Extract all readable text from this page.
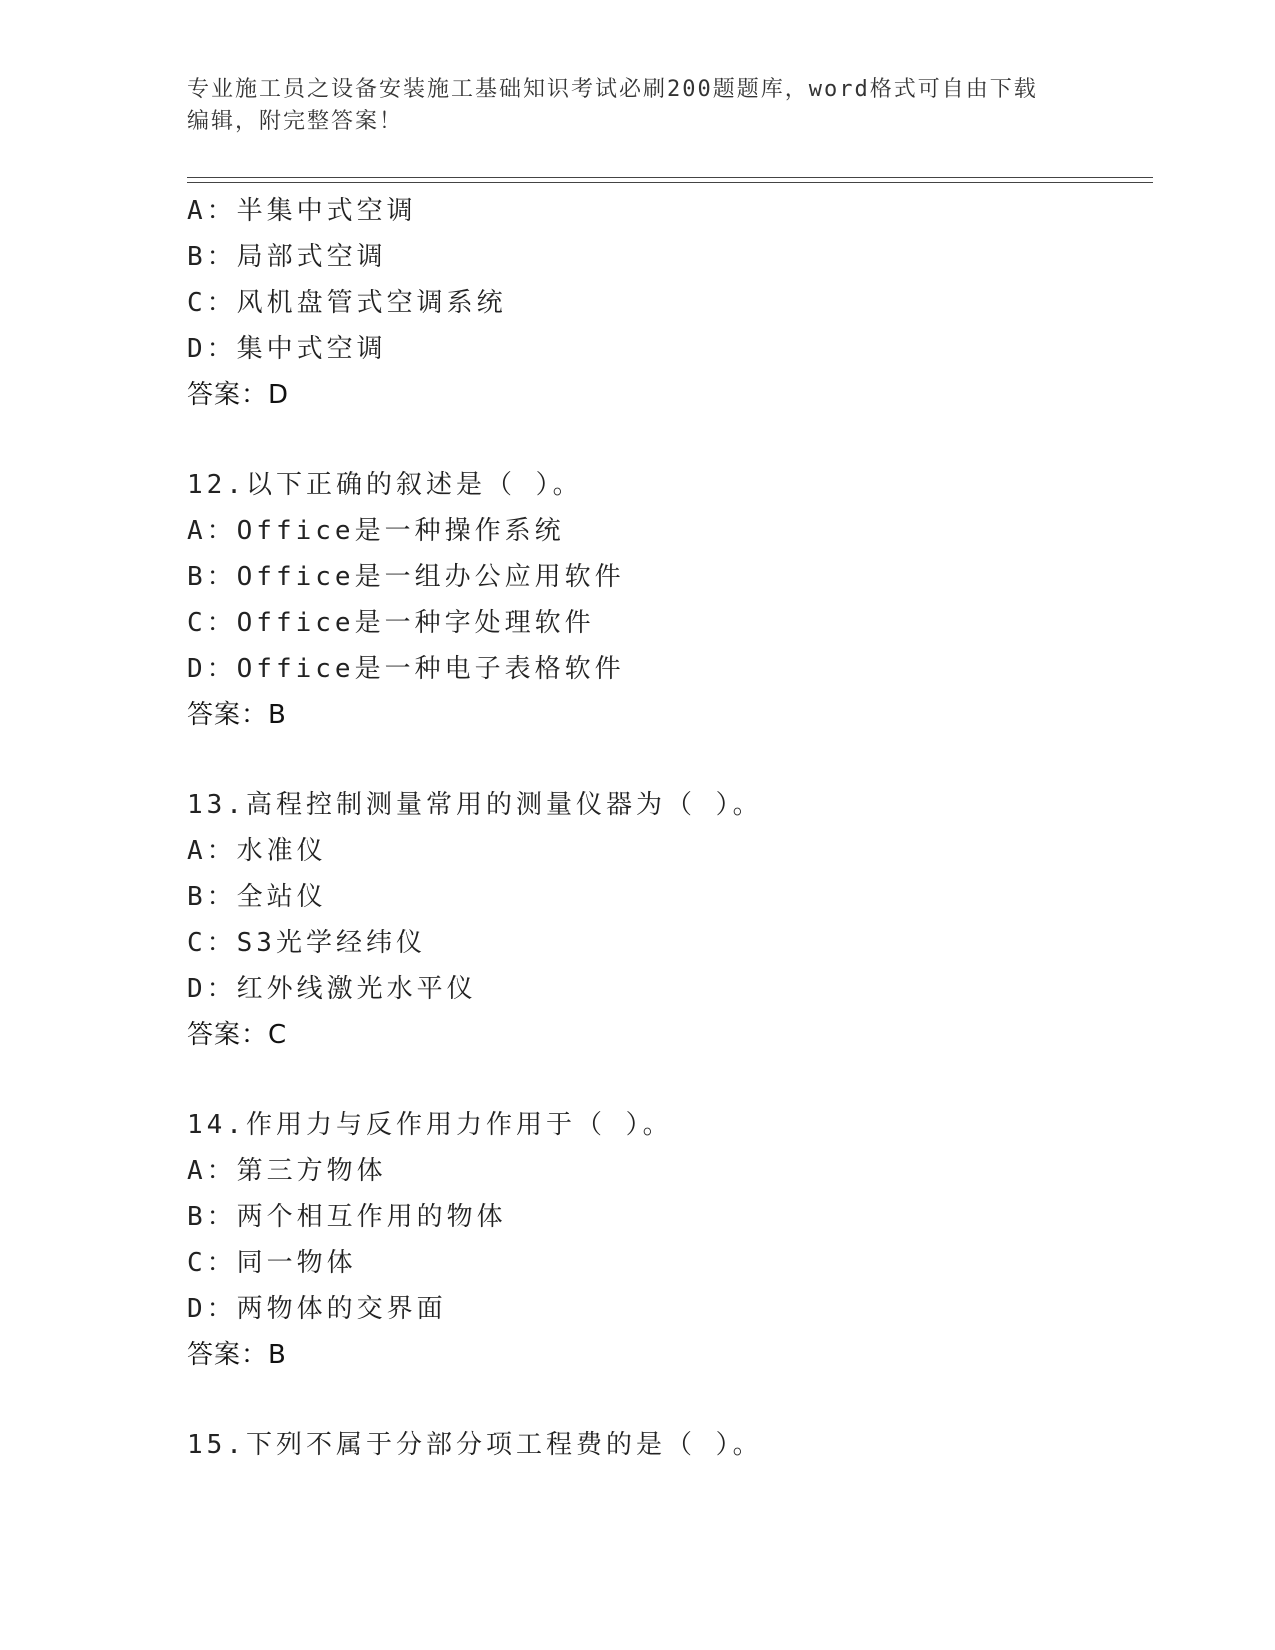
专业施工员之设备安装施工基础知识考试必刷200题题库，word格式可自由下载
编辑，附完整答案！
A：半集中式空调
B：局部式空调
C：风机盘管式空调系统
D：集中式空调
答案：D
12.以下正确的叙述是（ ）。
A：Office是一种操作系统
B：Office是一组办公应用软件
C：Office是一种字处理软件
D：Office是一种电子表格软件
答案：B
13.高程控制测量常用的测量仪器为（ ）。
A：水准仪
B：全站仪
C：S3光学经纬仪
D：红外线激光水平仪
答案：C
14.作用力与反作用力作用于（ ）。
A：第三方物体
B：两个相互作用的物体
C：同一物体
D：两物体的交界面
答案：B
15.下列不属于分部分项工程费的是（ ）。
